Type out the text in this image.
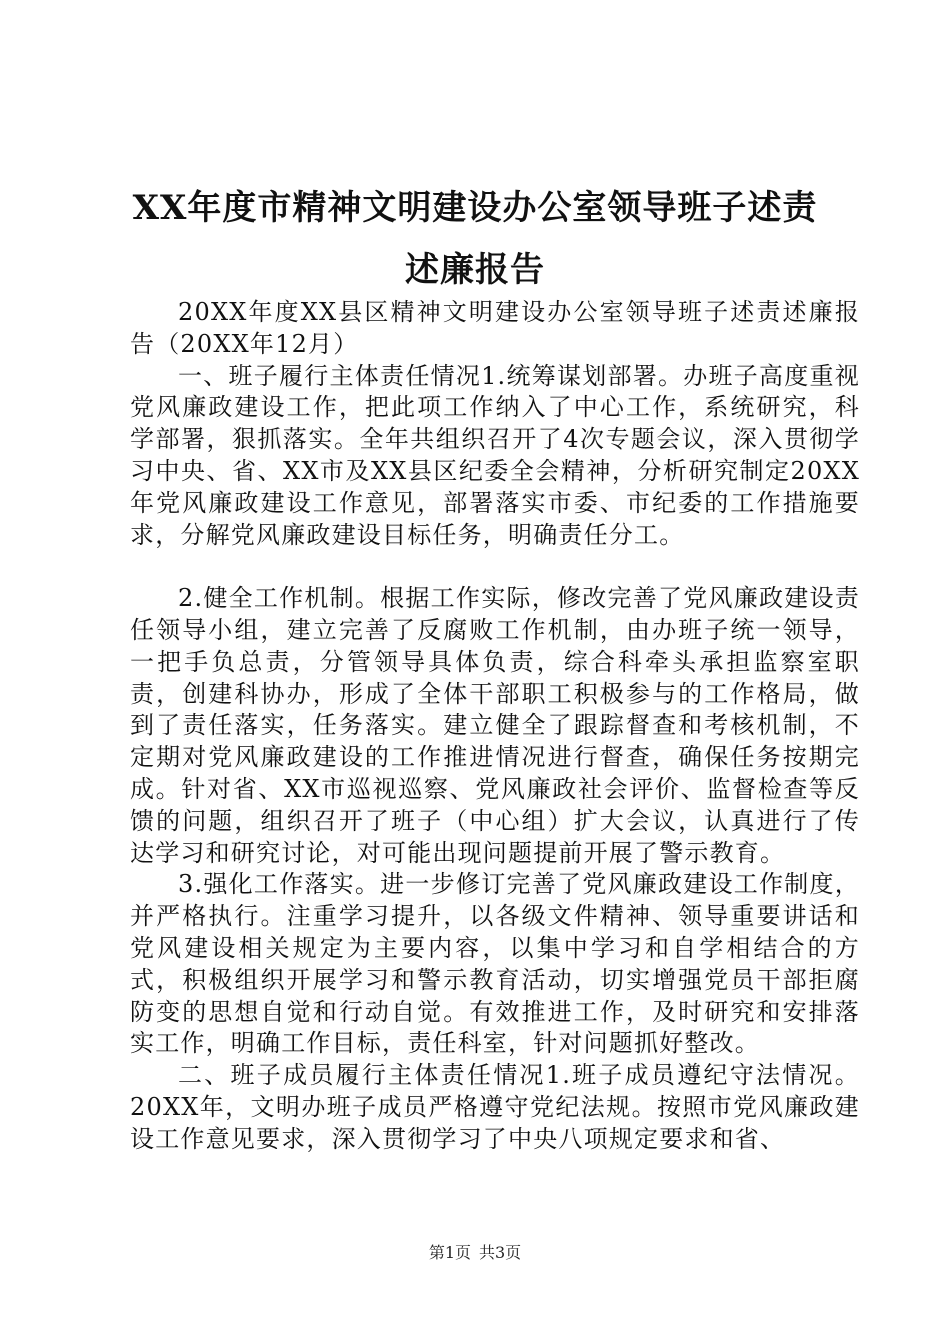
XX年度市精神文明建设办公室领导班子述责
述廉报告

20XX年度XX县区精神文明建设办公室领导班子述责述廉报告（20XX年12月）

一、班子履行主体责任情况1.统筹谋划部署。办班子高度重视党风廉政建设工作，把此项工作纳入了中心工作，系统研究，科学部署，狠抓落实。全年共组织召开了4次专题会议，深入贯彻学习中央、省、XX市及XX县区纪委全会精神，分析研究制定20XX年党风廉政建设工作意见，部署落实市委、市纪委的工作措施要求，分解党风廉政建设目标任务，明确责任分工。

2.健全工作机制。根据工作实际，修改完善了党风廉政建设责任领导小组，建立完善了反腐败工作机制，由办班子统一领导，一把手负总责，分管领导具体负责，综合科牵头承担监察室职责，创建科协办，形成了全体干部职工积极参与的工作格局，做到了责任落实，任务落实。建立健全了跟踪督查和考核机制，不定期对党风廉政建设的工作推进情况进行督查，确保任务按期完成。针对省、XX市巡视巡察、党风廉政社会评价、监督检查等反馈的问题，组织召开了班子（中心组）扩大会议，认真进行了传达学习和研究讨论，对可能出现问题提前开展了警示教育。

3.强化工作落实。进一步修订完善了党风廉政建设工作制度，并严格执行。注重学习提升，以各级文件精神、领导重要讲话和党风建设相关规定为主要内容，以集中学习和自学相结合的方式，积极组织开展学习和警示教育活动，切实增强党员干部拒腐防变的思想自觉和行动自觉。有效推进工作，及时研究和安排落实工作，明确工作目标，责任科室，针对问题抓好整改。

二、班子成员履行主体责任情况1.班子成员遵纪守法情况。20XX年，文明办班子成员严格遵守党纪法规。按照市党风廉政建设工作意见要求，深入贯彻学习了中央八项规定要求和省、

第1页 共3页
